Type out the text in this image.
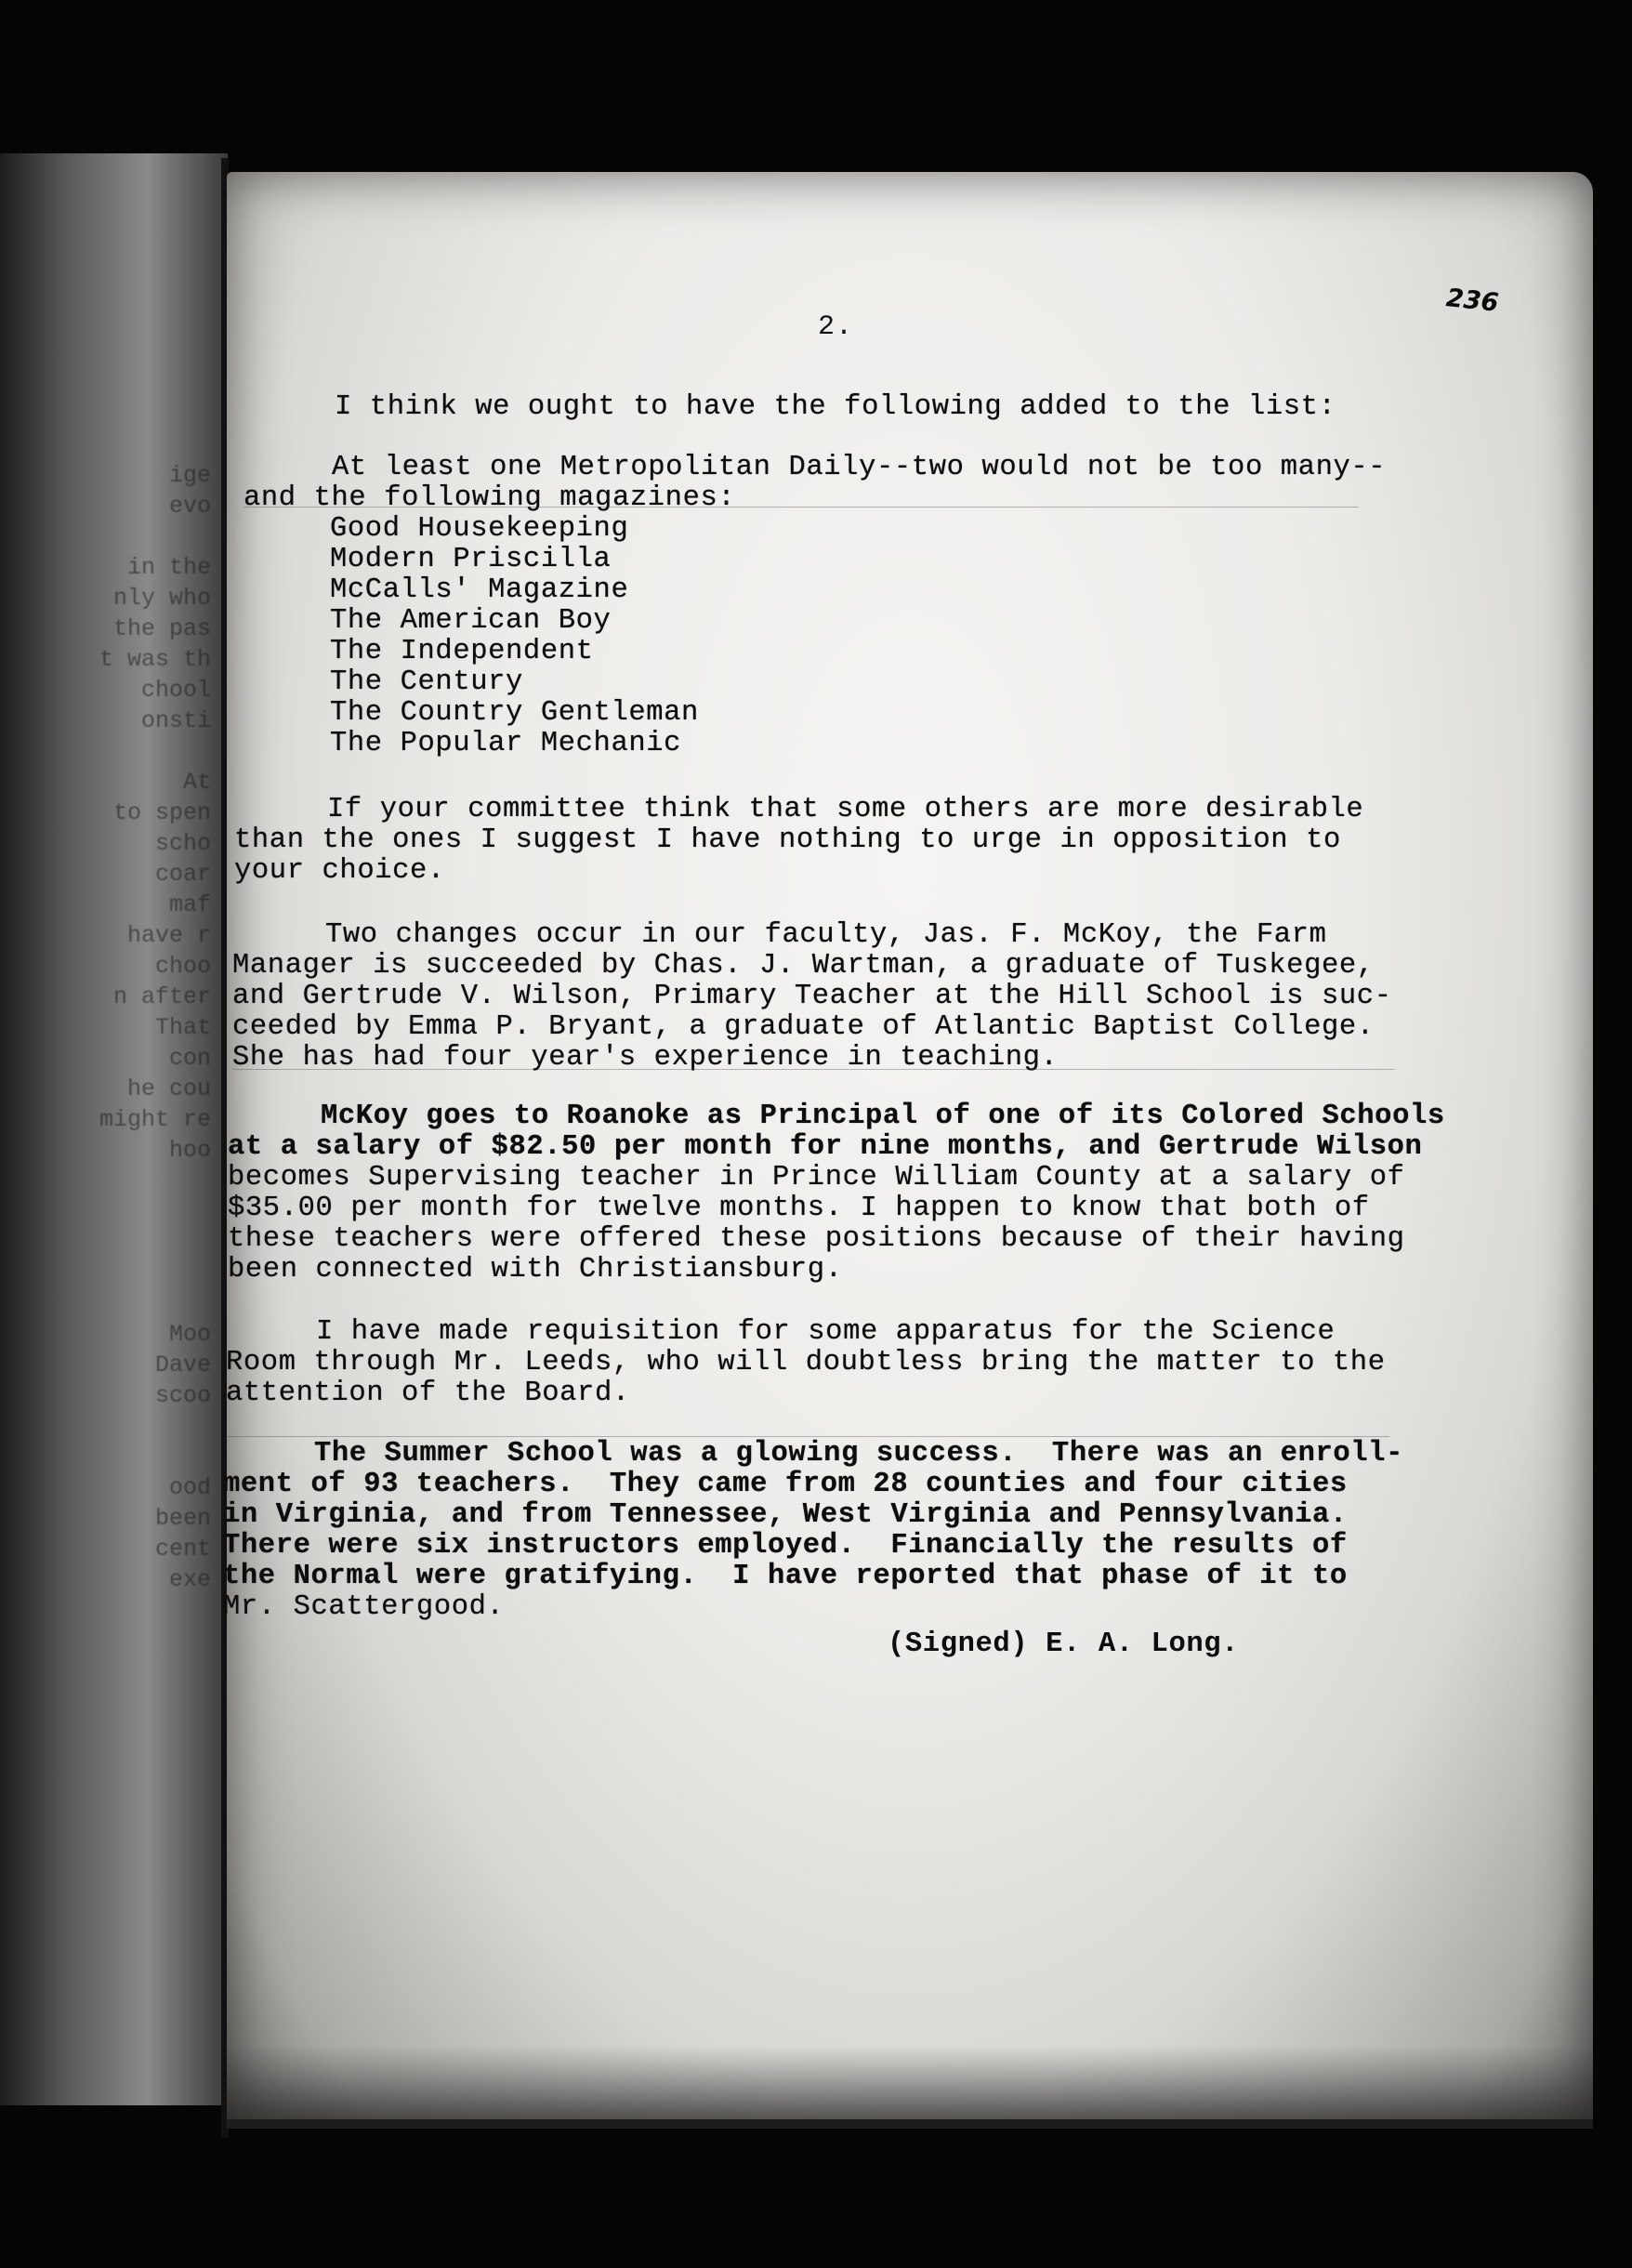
ige
evo

in the
nly who
the pas
t was th
chool
onsti

At
to spen
scho
coar
maf
have r
choo
n after
That
con
he cou
might re
hoo

Moo
Dave
scoo

ood
been
cent
exe
2.
236
I think we ought to have the following added to the list:
At least one Metropolitan Daily--two would not be too many--
and the following magazines:
Good Housekeeping
Modern Priscilla
McCalls' Magazine
The American Boy
The Independent
The Century
The Country Gentleman
The Popular Mechanic
If your committee think that some others are more desirable
than the ones I suggest I have nothing to urge in opposition to
your choice.
Two changes occur in our faculty, Jas. F. McKoy, the Farm
Manager is succeeded by Chas. J. Wartman, a graduate of Tuskegee,
and Gertrude V. Wilson, Primary Teacher at the Hill School is suc-
ceeded by Emma P. Bryant, a graduate of Atlantic Baptist College.
She has had four year's experience in teaching.
McKoy goes to Roanoke as Principal of one of its Colored Schools
at a salary of $82.50 per month for nine months, and Gertrude Wilson
becomes Supervising teacher in Prince William County at a salary of
$35.00 per month for twelve months. I happen to know that both of
these teachers were offered these positions because of their having
been connected with Christiansburg.
I have made requisition for some apparatus for the Science
Room through Mr. Leeds, who will doubtless bring the matter to the
attention of the Board.
The Summer School was a glowing success.  There was an enroll-
ment of 93 teachers.  They came from 28 counties and four cities
in Virginia, and from Tennessee, West Virginia and Pennsylvania.
There were six instructors employed.  Financially the results of
the Normal were gratifying.  I have reported that phase of it to
Mr. Scattergood.
(Signed) E. A. Long.
